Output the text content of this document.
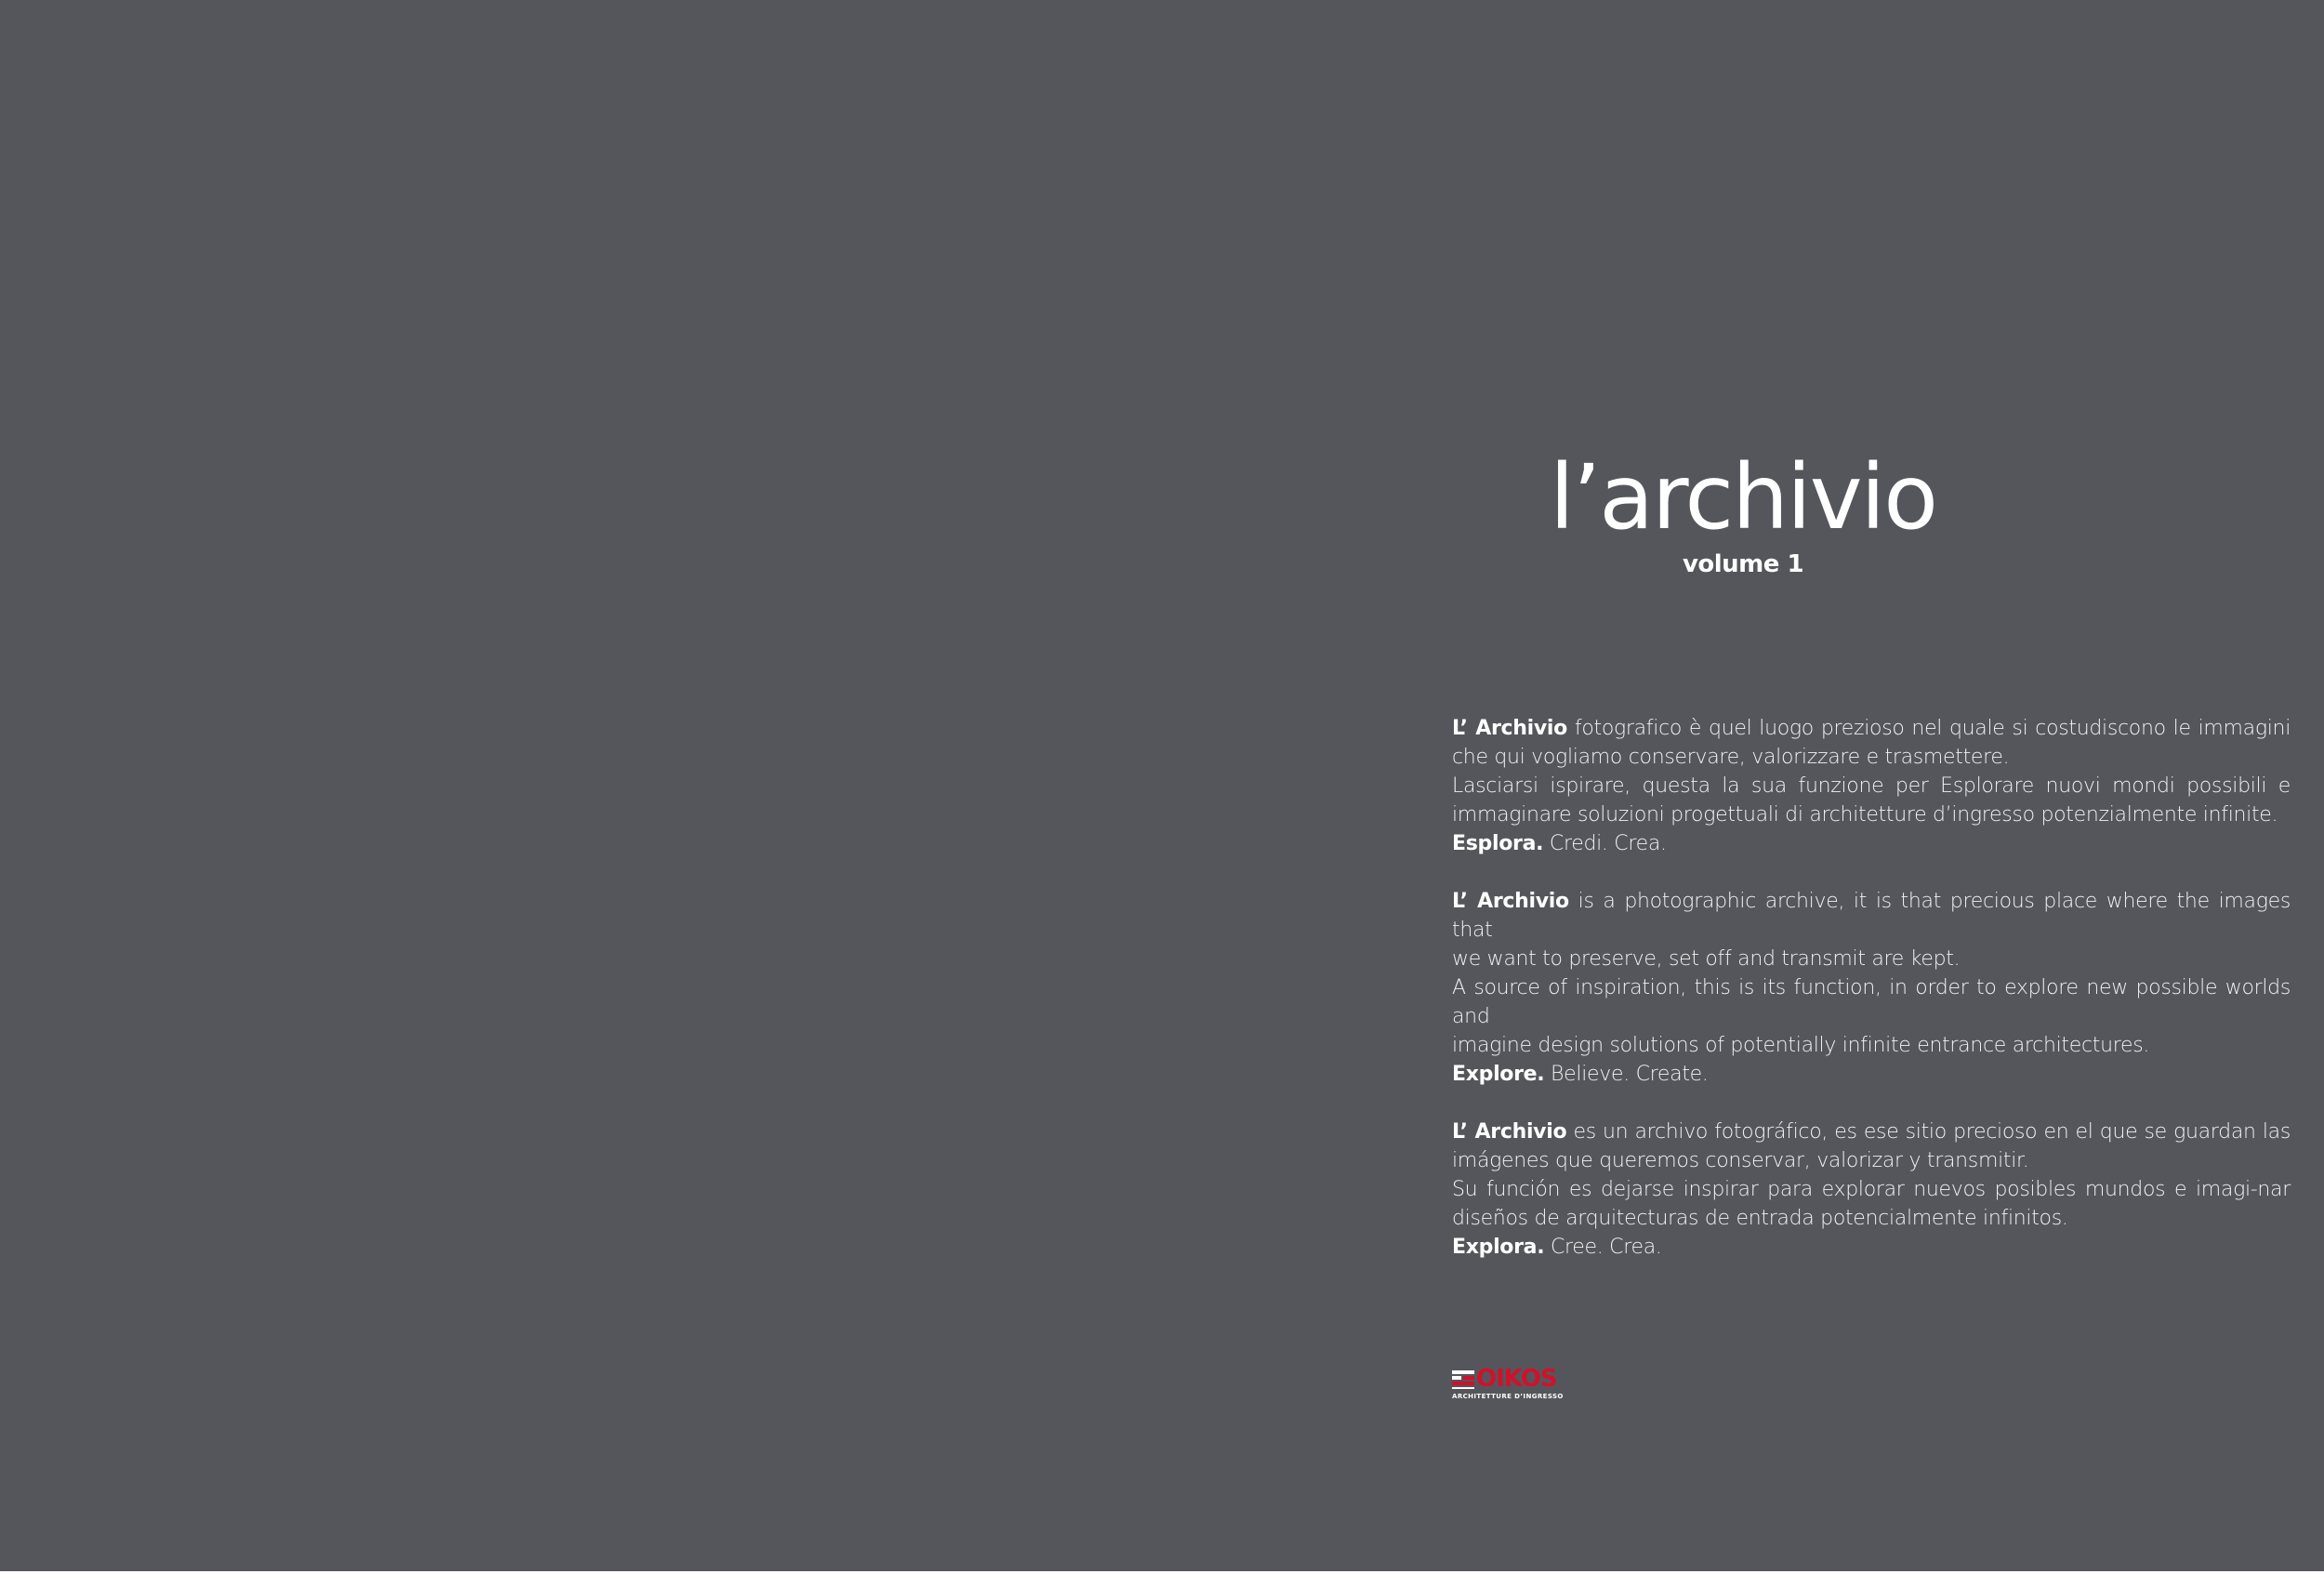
l’archivio
volume 1
L’ Archivio fotografico è quel luogo prezioso nel quale si costudiscono le immagini
che qui vogliamo conservare, valorizzare e trasmettere.
Lasciarsi ispirare, questa la sua funzione per Esplorare nuovi mondi possibili e
immaginare soluzioni progettuali di architetture d’ingresso potenzialmente infinite.
Esplora. Credi. Crea.
L’ Archivio is a photographic archive, it is that precious place where the images that
we want to preserve, set off and transmit are kept.
A source of inspiration, this is its function, in order to explore new possible worlds and
imagine design solutions of potentially infinite entrance architectures.
Explore. Believe. Create.
L’ Archivio es un archivo fotográfico, es ese sitio precioso en el que se guardan las
imágenes que queremos conservar, valorizar y transmitir.
Su función es dejarse inspirar para explorar nuevos posibles mundos e imagi-nar
diseños de arquitecturas de entrada potencialmente infinitos.
Explora. Cree. Crea.
OIKOS
ARCHITETTURE D’INGRESSO
